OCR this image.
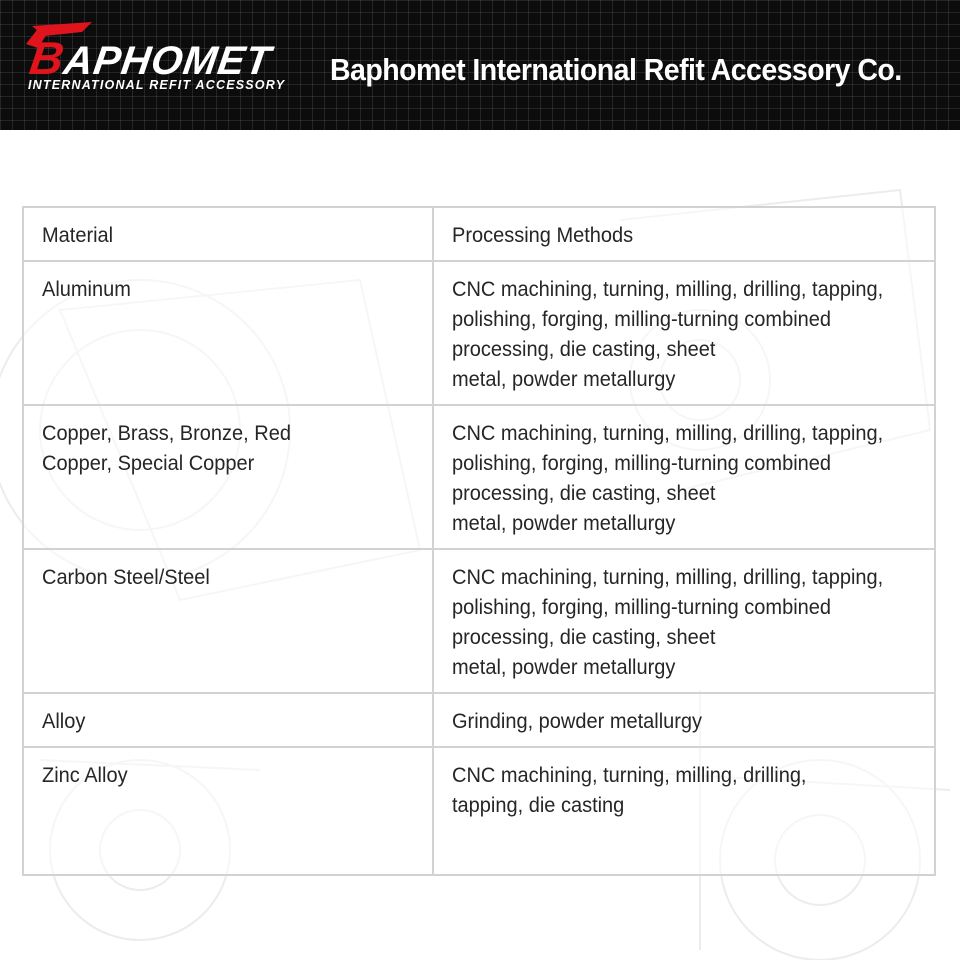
BAPHOMET
INTERNATIONAL REFIT ACCESSORY Baphomet International Refit Accessory Co.
Material	Processing Methods
Aluminum	CNC machining, turning, milling, drilling, tapping,
polishing, forging, milling-turning combined
processing, die casting, sheet
metal, powder metallurgy
Copper, Brass, Bronze, Red
Copper, Special Copper	CNC machining, turning, milling, drilling, tapping,
polishing, forging, milling-turning combined
processing, die casting, sheet
metal, powder metallurgy
Carbon Steel/Steel	CNC machining, turning, milling, drilling, tapping,
polishing, forging, milling-turning combined
processing, die casting, sheet
metal, powder metallurgy
Alloy	Grinding, powder metallurgy
Zinc Alloy	CNC machining, turning, milling, drilling,
tapping, die casting
